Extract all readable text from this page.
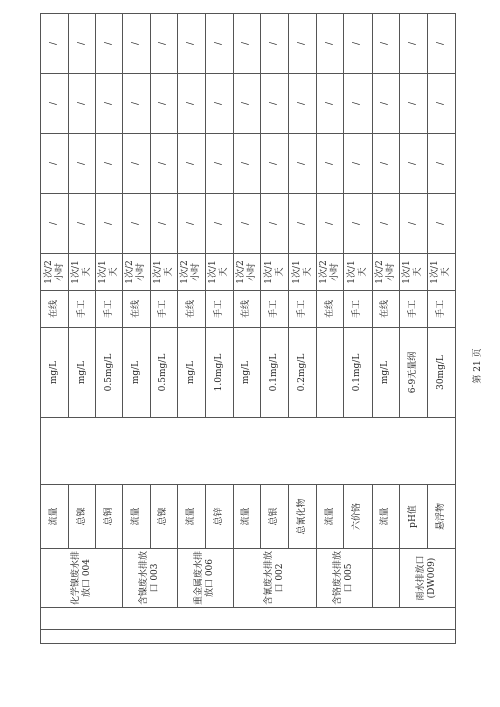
		化学镍废水排放口 004	流量		mg/L	在线	1次/2小时	/	/	/	/
			总镍		mg/L	手工	1次/1天	/	/	/	/
			总铜		0.5mg/L	手工	1次/1天	/	/	/	/
		含镍废水排放口 003	流量		mg/L	在线	1次/2小时	/	/	/	/
			总镍		0.5mg/L	手工	1次/1天	/	/	/	/
		重金属废水排放口 006	流量		mg/L	在线	1次/2小时	/	/	/	/
			总锌		1.0mg/L	手工	1次/1天	/	/	/	/
		含氰废水排放口 002	流量		mg/L	在线	1次/2小时	/	/	/	/
			总银		0.1mg/L	手工	1次/1天	/	/	/	/
			总氰化物		0.2mg/L	手工	1次/1天	/	/	/	/
		含铬废水排放口 005	流量			在线	1次/2小时	/	/	/	/
			六价铬		0.1mg/L	手工	1次/1天	/	/	/	/
			流量		mg/L	在线	1次/2小时	/	/	/	/
		雨水排放口 (DW009)	pH值		6-9无量纲	手工	1次/1天	/	/	/	/
			悬浮物		30mg/L	手工	1次/1天	/	/	/	/
第 21 页
